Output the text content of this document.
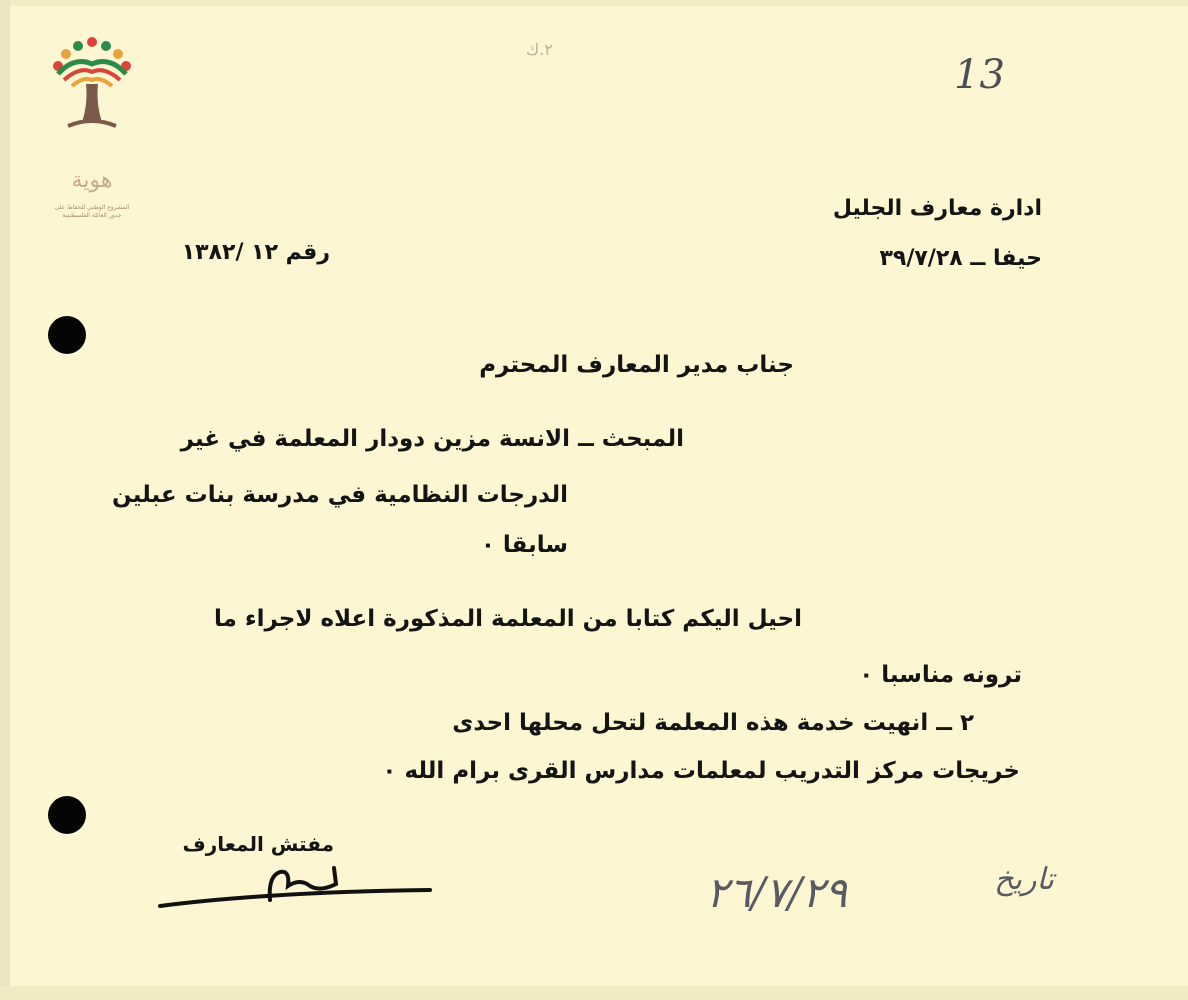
هوية
المشروع الوطني للحفاظ على
جذور العائلة الفلسطينية
٢.ك
13
ادارة معارف الجليل
حيفا ــ ٣٩/٧/٢٨
رقم ١٢ /١٣٨٢
جناب مدير المعارف المحترم
المبحث ــ الانسة مزين دودار المعلمة في غير
الدرجات النظامية في مدرسة بنات عبلين
سابقا ٠
احيل اليكم كتابا من المعلمة المذكورة اعلاه لاجراء ما
ترونه مناسبا ٠
٢ ــ انهيت خدمة هذه المعلمة لتحل محلها احدى
خريجات مركز التدريب لمعلمات مدارس القرى برام الله ٠
مفتش المعارف
تاريخ
٢٦/٧/٢٩
